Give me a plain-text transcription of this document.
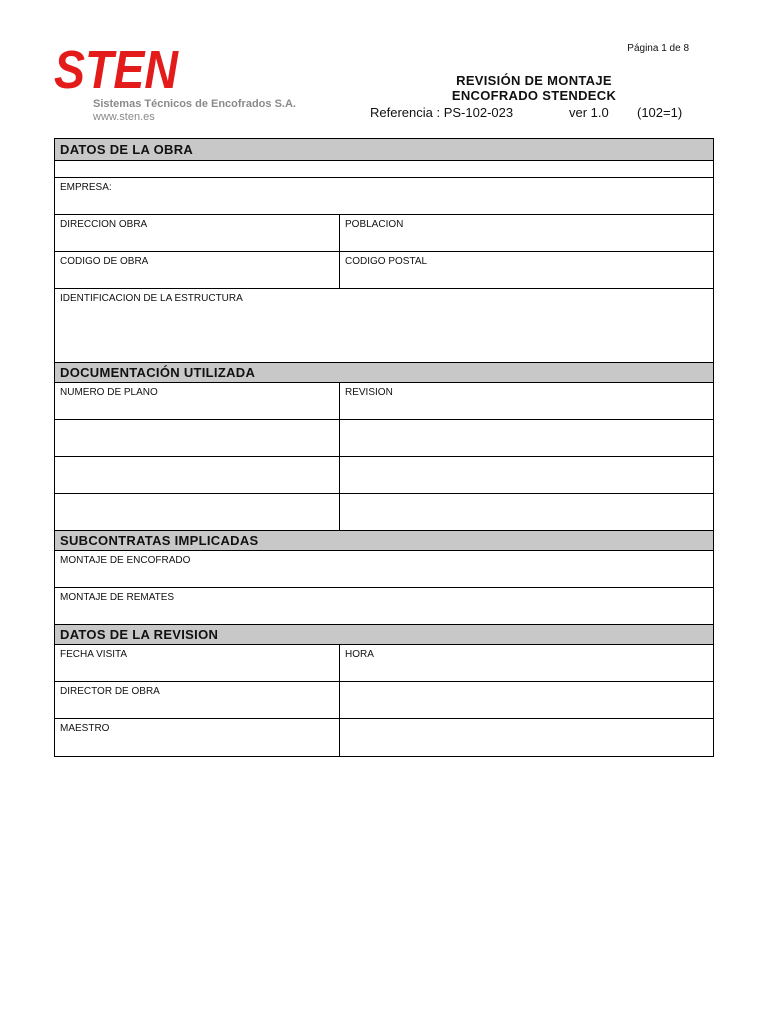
STEN
Sistemas Técnicos de Encofrados S.A.
www.sten.es
Página 1 de 8
REVISIÓN DE MONTAJE
ENCOFRADO STENDECK
Referencia : PS-102-023	ver 1.0 (102=1)
DATOS DE LA OBRA
EMPRESA:
DIRECCION OBRA	POBLACION
CODIGO DE OBRA	CODIGO POSTAL
IDENTIFICACION DE LA ESTRUCTURA
DOCUMENTACIÓN UTILIZADA
NUMERO DE PLANO	REVISION
SUBCONTRATAS IMPLICADAS
MONTAJE DE ENCOFRADO
MONTAJE DE REMATES
DATOS DE LA REVISION
FECHA VISITA	HORA
DIRECTOR DE OBRA
MAESTRO
